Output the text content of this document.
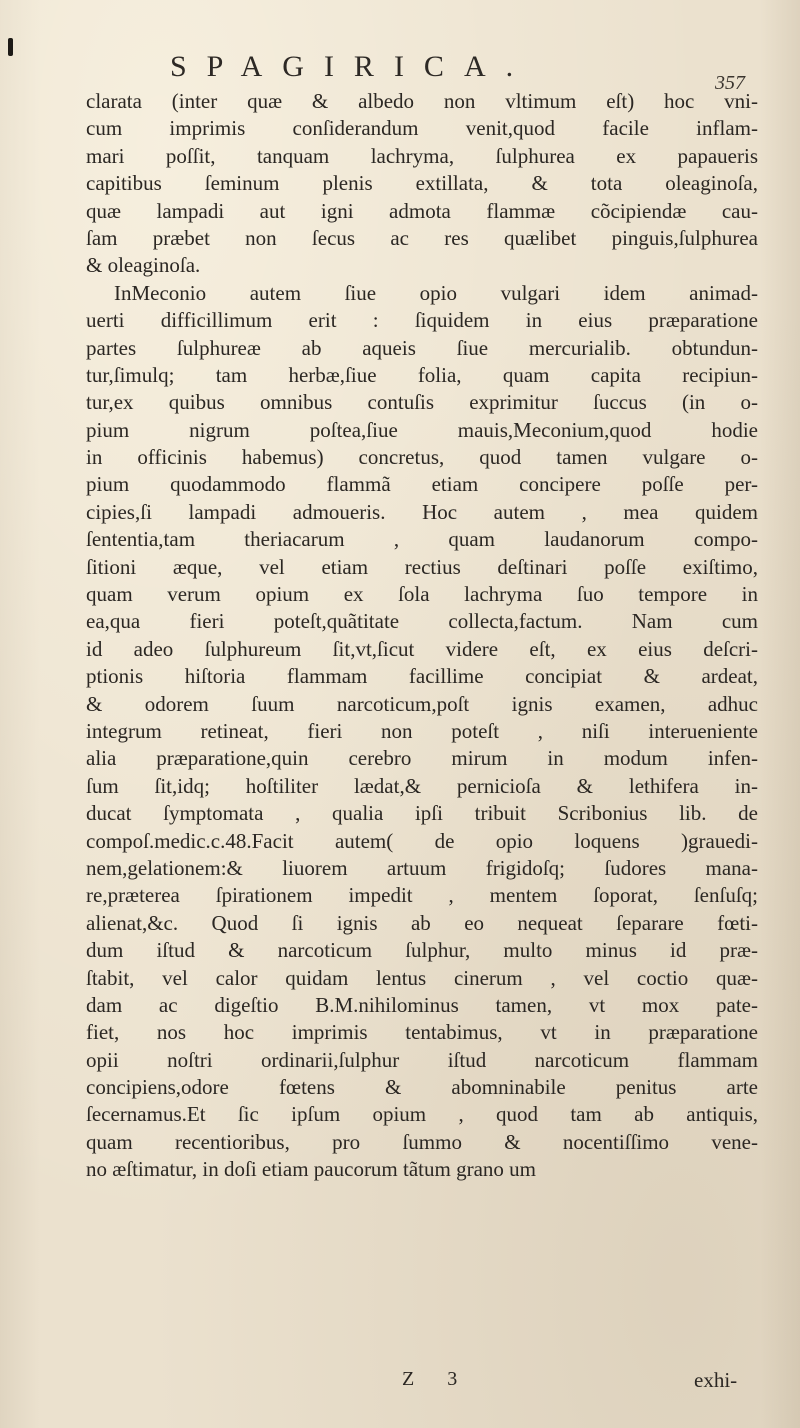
SPAGIRICA.	357
clarata (inter quæ & albedo non vltimum eſt) hoc vni-
cum imprimis conſiderandum venit,quod facile inflam-
mari poſſit, tanquam lachryma, ſulphurea ex papaueris
capitibus ſeminum plenis extillata, & tota oleaginoſa,
quæ lampadi aut igni admota flammæ cõcipiendæ cau-
ſam præbet non ſecus ac res quælibet pinguis,ſulphurea
& oleaginoſa.
InMeconio autem ſiue opio vulgari idem animad-
uerti difficillimum erit : ſiquidem in eius præparatione
partes ſulphureæ ab aqueis ſiue mercurialib. obtundun-
tur,ſimulq; tam herbæ,ſiue folia, quam capita recipiun-
tur,ex quibus omnibus contuſis exprimitur ſuccus (in o-
pium nigrum poſtea,ſiue mauis,Meconium,quod hodie
in officinis habemus) concretus, quod tamen vulgare o-
pium quodammodo flammã etiam concipere poſſe per-
cipies,ſi lampadi admoueris. Hoc autem , mea quidem
ſententia,tam theriacarum , quam laudanorum compo-
ſitioni æque, vel etiam rectius deſtinari poſſe exiſtimo,
quam verum opium ex ſola lachryma ſuo tempore in
ea,qua fieri poteſt,quãtitate collecta,factum. Nam cum
id adeo ſulphureum ſit,vt,ſicut videre eſt, ex eius deſcri-
ptionis hiſtoria flammam facillime concipiat & ardeat,
& odorem ſuum narcoticum,poſt ignis examen, adhuc
integrum retineat, fieri non poteſt , niſi interueniente
alia præparatione,quin cerebro mirum in modum infen-
ſum ſit,idq; hoſtiliter lædat,& pernicioſa & lethifera in-
ducat ſymptomata , qualia ipſi tribuit Scribonius lib. de
compoſ.medic.c.48.Facit autem( de opio loquens )grauedi-
nem,gelationem:& liuorem artuum frigidoſq; ſudores mana-
re,præterea ſpirationem impedit , mentem ſoporat, ſenſuſq;
alienat,&c. Quod ſi ignis ab eo nequeat ſeparare fœti-
dum iſtud & narcoticum ſulphur, multo minus id præ-
ſtabit, vel calor quidam lentus cinerum , vel coctio quæ-
dam ac digeſtio B.M.nihilominus tamen, vt mox pate-
fiet, nos hoc imprimis tentabimus, vt in præparatione
opii noſtri ordinarii,ſulphur iſtud narcoticum flammam
concipiens,odore fœtens & abomninabile penitus arte
ſecernamus.Et ſic ipſum opium , quod tam ab antiquis,
quam recentioribus, pro ſummo & nocentiſſimo vene-
no æſtimatur, in doſi etiam paucorum tãtum grano um
Z 3	exhi-
